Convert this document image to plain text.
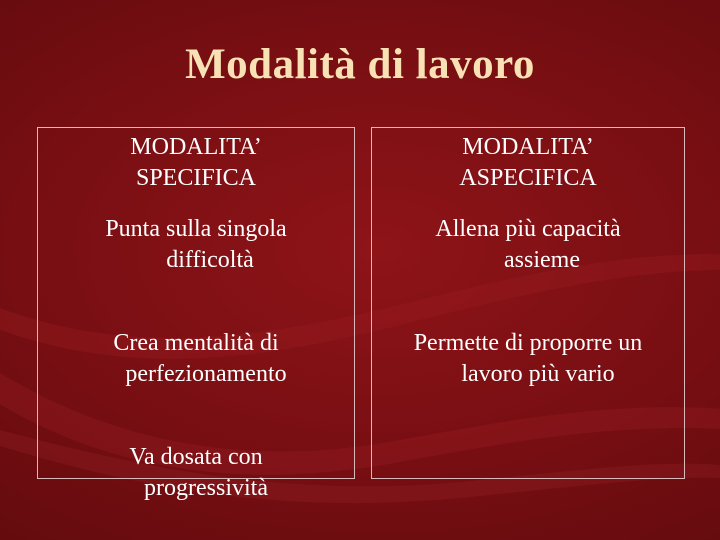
Modalità di lavoro
MODALITA’
SPECIFICA
Punta sulla singola
difficoltà
Crea mentalità di
perfezionamento
Va dosata con
progressività
MODALITA’
ASPECIFICA
Allena più capacità
assieme
Permette di proporre un
lavoro più vario
